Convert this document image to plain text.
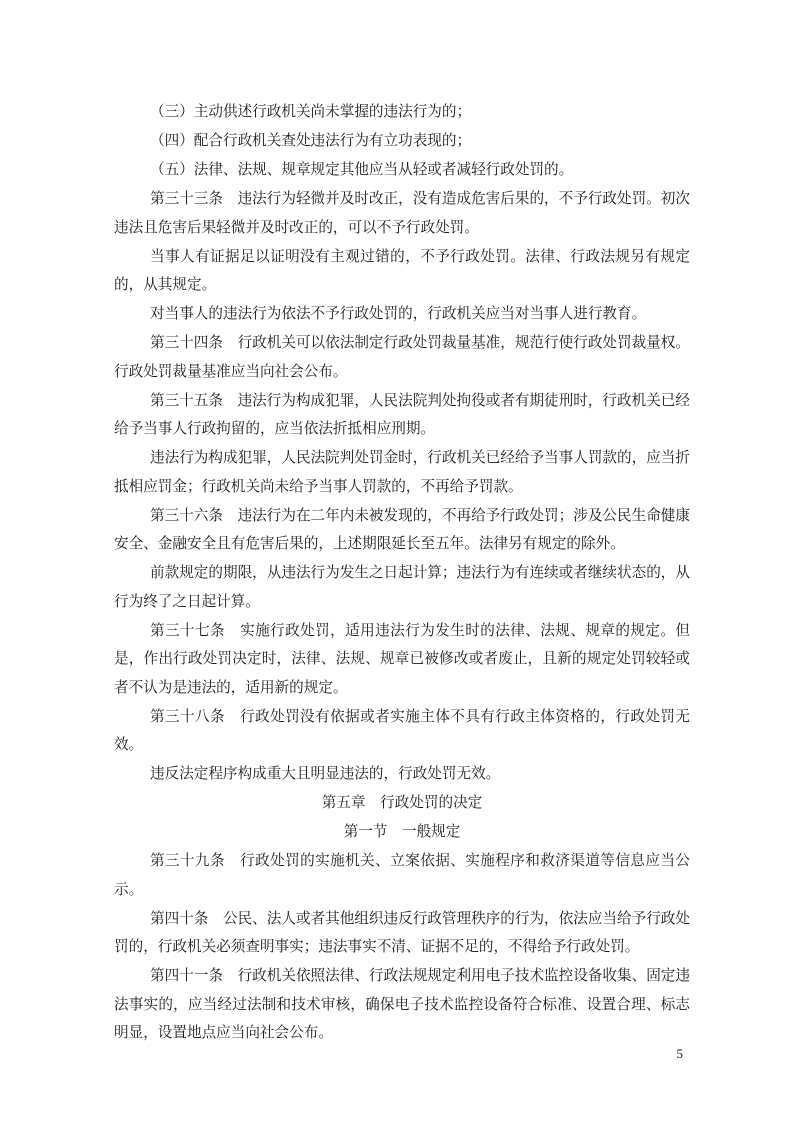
（三）主动供述行政机关尚未掌握的违法行为的；

（四）配合行政机关查处违法行为有立功表现的；

（五）法律、法规、规章规定其他应当从轻或者减轻行政处罚的。

第三十三条　违法行为轻微并及时改正，没有造成危害后果的，不予行政处罚。初次违法且危害后果轻微并及时改正的，可以不予行政处罚。

当事人有证据足以证明没有主观过错的，不予行政处罚。法律、行政法规另有规定的，从其规定。

对当事人的违法行为依法不予行政处罚的，行政机关应当对当事人进行教育。

第三十四条　行政机关可以依法制定行政处罚裁量基准，规范行使行政处罚裁量权。行政处罚裁量基准应当向社会公布。

第三十五条　违法行为构成犯罪，人民法院判处拘役或者有期徒刑时，行政机关已经给予当事人行政拘留的，应当依法折抵相应刑期。

违法行为构成犯罪，人民法院判处罚金时，行政机关已经给予当事人罚款的，应当折抵相应罚金；行政机关尚未给予当事人罚款的，不再给予罚款。

第三十六条　违法行为在二年内未被发现的，不再给予行政处罚；涉及公民生命健康安全、金融安全且有危害后果的，上述期限延长至五年。法律另有规定的除外。

前款规定的期限，从违法行为发生之日起计算；违法行为有连续或者继续状态的，从行为终了之日起计算。

第三十七条　实施行政处罚，适用违法行为发生时的法律、法规、规章的规定。但是，作出行政处罚决定时，法律、法规、规章已被修改或者废止，且新的规定处罚较轻或者不认为是违法的，适用新的规定。

第三十八条　行政处罚没有依据或者实施主体不具有行政主体资格的，行政处罚无效。

违反法定程序构成重大且明显违法的，行政处罚无效。

第五章　行政处罚的决定

第一节　一般规定

第三十九条　行政处罚的实施机关、立案依据、实施程序和救济渠道等信息应当公示。

第四十条　公民、法人或者其他组织违反行政管理秩序的行为，依法应当给予行政处罚的，行政机关必须查明事实；违法事实不清、证据不足的，不得给予行政处罚。

第四十一条　行政机关依照法律、行政法规规定利用电子技术监控设备收集、固定违法事实的，应当经过法制和技术审核，确保电子技术监控设备符合标准、设置合理、标志明显，设置地点应当向社会公布。

5
